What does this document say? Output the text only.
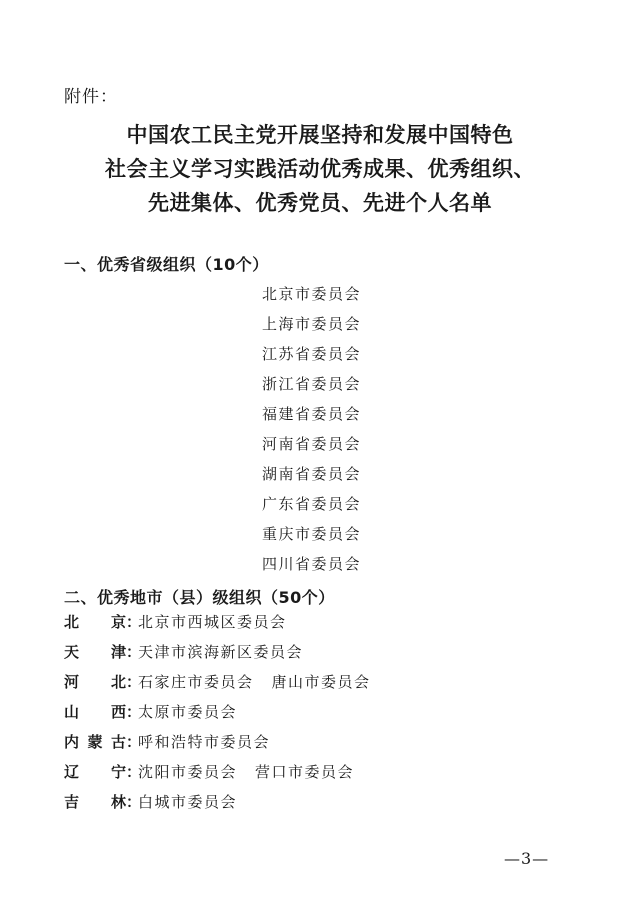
附件：
中国农工民主党开展坚持和发展中国特色
社会主义学习实践活动优秀成果、优秀组织、
先进集体、优秀党员、先进个人名单
一、优秀省级组织（10个）
北京市委员会
上海市委员会
江苏省委员会
浙江省委员会
福建省委员会
河南省委员会
湖南省委员会
广东省委员会
重庆市委员会
四川省委员会
二、优秀地市（县）级组织（50个）
北京 ：
北京市西城区委员会
天津 ：
天津市滨海新区委员会
河北 ：
石家庄市委员会 唐山市委员会
山西 ：
太原市委员会
内蒙古 ：
呼和浩特市委员会
辽宁 ：
沈阳市委员会 营口市委员会
吉林 ：
白城市委员会
—3—
